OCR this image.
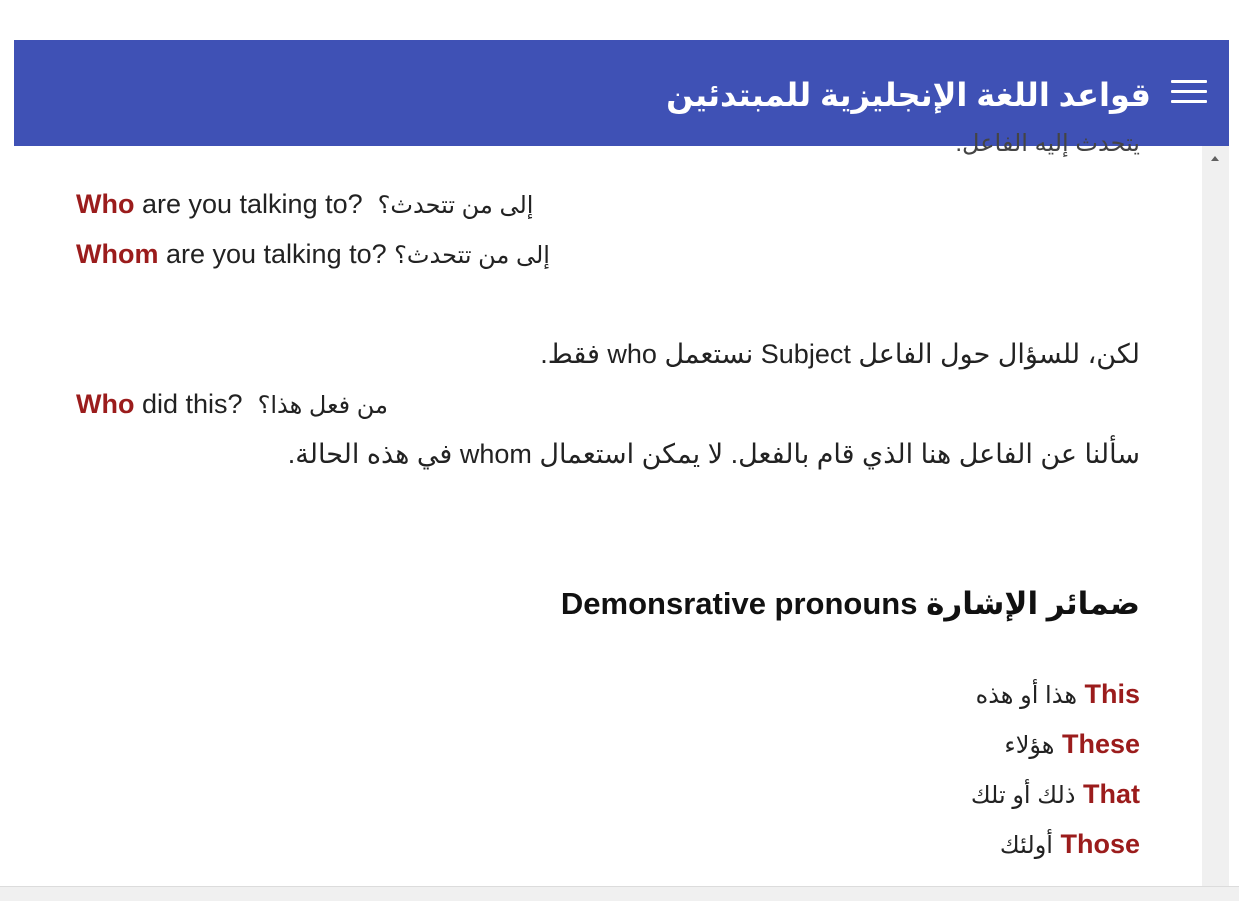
قواعد اللغة الإنجليزية للمبتدئين
يتحدث إليه الفاعل.
Who are you talking to? إلى من تتحدث؟
Whom are you talking to? إلى من تتحدث؟
لكن، للسؤال حول الفاعل Subject نستعمل who فقط.
Who did this? من فعل هذا؟
سألنا عن الفاعل هنا الذي قام بالفعل. لا يمكن استعمال whom في هذه الحالة.
ضمائر الإشارة Demonsrative pronouns
This هذا أو هذه
These هؤلاء
That ذلك أو تلك
Those أولئك
